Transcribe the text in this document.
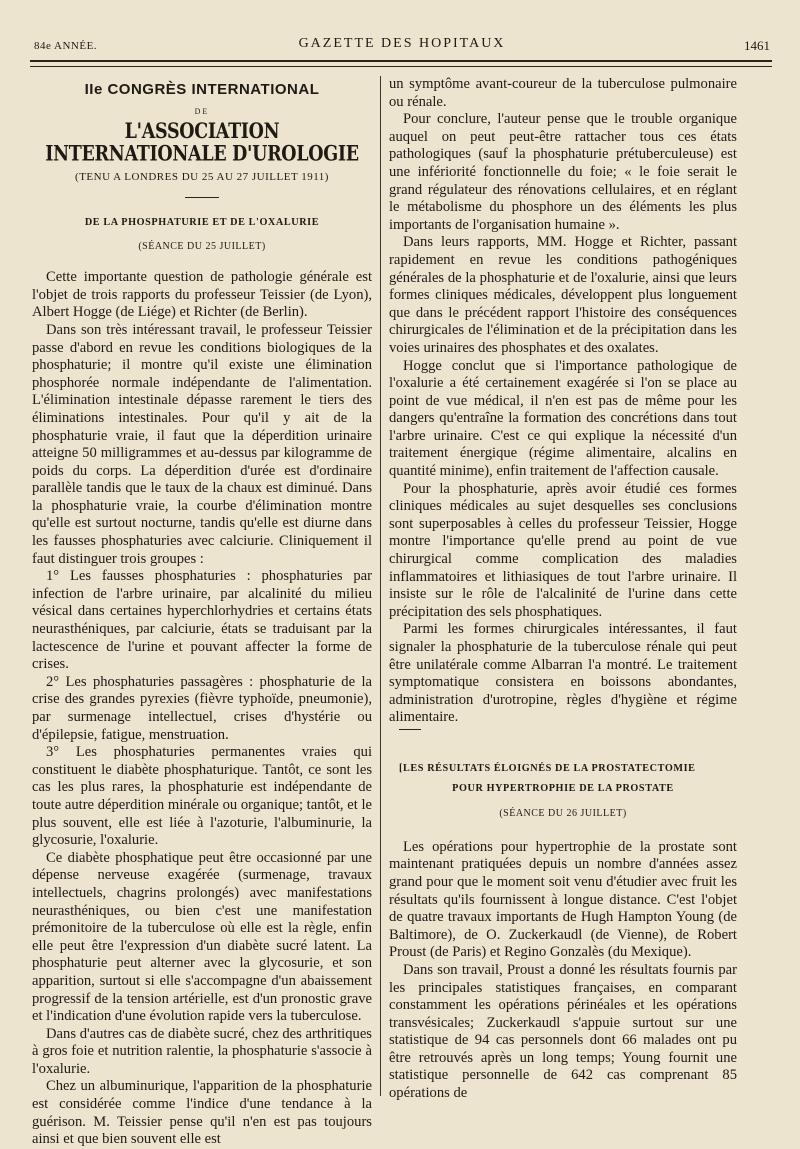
84e ANNÉE.	GAZETTE DES HOPITAUX	1461
IIe CONGRÈS INTERNATIONAL
DE
L'ASSOCIATION INTERNATIONALE D'UROLOGIE
(TENU A LONDRES DU 25 AU 27 JUILLET 1911)
DE LA PHOSPHATURIE ET DE L'OXALURIE
(SÉANCE DU 25 JUILLET)

Cette importante question de pathologie générale est l'objet de trois rapports du professeur Teissier (de Lyon), Albert Hogge (de Liége) et Richter (de Berlin).

Dans son très intéressant travail, le professeur Teissier passe d'abord en revue les conditions biologiques de la phosphaturie; il montre qu'il existe une élimination phosphorée normale indépendante de l'alimentation. L'élimination intestinale dépasse rarement le tiers des éliminations intestinales. Pour qu'il y ait de la phosphaturie vraie, il faut que la déperdition urinaire atteigne 50 milligrammes et au-dessus par kilogramme de poids du corps. La déperdition d'urée est d'ordinaire parallèle tandis que le taux de la chaux est diminué. Dans la phosphaturie vraie, la courbe d'élimination montre qu'elle est surtout nocturne, tandis qu'elle est diurne dans les fausses phosphaturies avec calciurie. Cliniquement il faut distinguer trois groupes :

1° Les fausses phosphaturies : phosphaturies par infection de l'arbre urinaire, par alcalinité du milieu vésical dans certaines hyperchlorhydries et certains états neurasthéniques, par calciurie, états se traduisant par la lactescence de l'urine et pouvant affecter la forme de crises.

2° Les phosphaturies passagères : phosphaturie de la crise des grandes pyrexies (fièvre typhoïde, pneumonie), par surmenage intellectuel, crises d'hystérie ou d'épilepsie, fatigue, menstruation.

3° Les phosphaturies permanentes vraies qui constituent le diabète phosphaturique. Tantôt, ce sont les cas les plus rares, la phosphaturie est indépendante de toute autre déperdition minérale ou organique; tantôt, et le plus souvent, elle est liée à l'azoturie, l'albuminurie, la glycosurie, l'oxalurie.

Ce diabète phosphatique peut être occasionné par une dépense nerveuse exagérée (surmenage, travaux intellectuels, chagrins prolongés) avec manifestations neurasthéniques, ou bien c'est une manifestation prémonitoire de la tuberculose où elle est la règle, enfin elle peut être l'expression d'un diabète sucré latent. La phosphaturie peut alterner avec la glycosurie, et son apparition, surtout si elle s'accompagne d'un abaissement progressif de la tension artérielle, est d'un pronostic grave et l'indication d'une évolution rapide vers la tuberculose.

Dans d'autres cas de diabète sucré, chez des arthritiques à gros foie et nutrition ralentie, la phosphaturie s'associe à l'oxalurie.

Chez un albuminurique, l'apparition de la phosphaturie est considérée comme l'indice d'une tendance à la guérison. M. Teissier pense qu'il n'en est pas toujours ainsi et que bien souvent elle est

un symptôme avant-coureur de la tuberculose pulmonaire ou rénale.

Pour conclure, l'auteur pense que le trouble organique auquel on peut peut-être rattacher tous ces états pathologiques (sauf la phosphaturie prétuberculeuse) est une infériorité fonctionnelle du foie; « le foie serait le grand régulateur des rénovations cellulaires, et en réglant le métabolisme du phosphore un des éléments les plus importants de l'organisation humaine ».

Dans leurs rapports, MM. Hogge et Richter, passant rapidement en revue les conditions pathogéniques générales de la phosphaturie et de l'oxalurie, ainsi que leurs formes cliniques médicales, développent plus longuement que dans le précédent rapport l'histoire des conséquences chirurgicales de l'élimination et de la précipitation dans les voies urinaires des phosphates et des oxalates.

Hogge conclut que si l'importance pathologique de l'oxalurie a été certainement exagérée si l'on se place au point de vue médical, il n'en est pas de même pour les dangers qu'entraîne la formation des concrétions dans tout l'arbre urinaire. C'est ce qui explique la nécessité d'un traitement énergique (régime alimentaire, alcalins en quantité minime), enfin traitement de l'affection causale.

Pour la phosphaturie, après avoir étudié ces formes cliniques médicales au sujet desquelles ses conclusions sont superposables à celles du professeur Teissier, Hogge montre l'importance qu'elle prend au point de vue chirurgical comme complication des maladies inflammatoires et lithiasiques de tout l'arbre urinaire. Il insiste sur le rôle de l'alcalinité de l'urine dans cette précipitation des sels phosphatiques.

Parmi les formes chirurgicales intéressantes, il faut signaler la phosphaturie de la tuberculose rénale qui peut être unilatérale comme Albarran l'a montré. Le traitement symptomatique consistera en boissons abondantes, administration d'urotropine, règles d'hygiène et régime alimentaire.

[LES RÉSULTATS ÉLOIGNÉS DE LA PROSTATECTOMIE
POUR HYPERTROPHIE DE LA PROSTATE
(SÉANCE DU 26 JUILLET)

Les opérations pour hypertrophie de la prostate sont maintenant pratiquées depuis un nombre d'années assez grand pour que le moment soit venu d'étudier avec fruit les résultats qu'ils fournissent à longue distance. C'est l'objet de quatre travaux importants de Hugh Hampton Young (de Baltimore), de O. Zuckerkaudl (de Vienne), de Robert Proust (de Paris) et Regino Gonzalès (du Mexique).

Dans son travail, Proust a donné les résultats fournis par les principales statistiques françaises, en comparant constamment les opérations périnéales et les opérations transvésicales; Zuckerkaudl s'appuie surtout sur une statistique de 94 cas personnels dont 66 malades ont pu être retrouvés après un long temps; Young fournit une statistique personnelle de 642 cas comprenant 85 opérations de
